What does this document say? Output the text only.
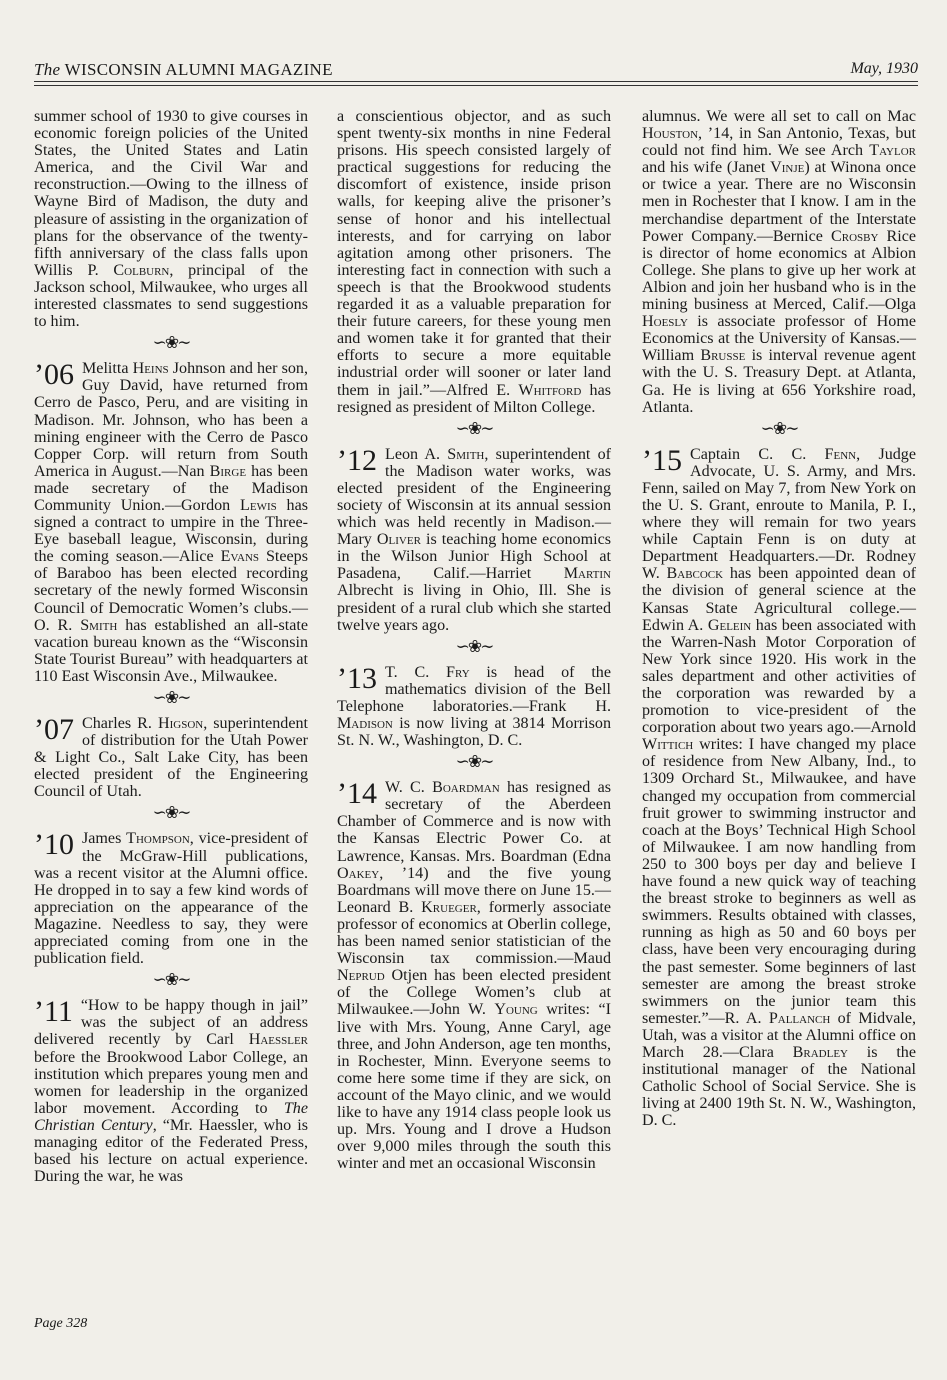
The WISCONSIN ALUMNI MAGAZINE	May, 1930

summer school of 1930 to give courses in economic foreign policies of the United States, the United States and Latin America, and the Civil War and reconstruction.—Owing to the illness of Wayne Bird of Madison, the duty and pleasure of assisting in the organization of plans for the observance of the twenty-fifth anniversary of the class falls upon Willis P. Colburn, principal of the Jackson school, Milwaukee, who urges all interested classmates to send suggestions to him.

∽❀∼

’06 Melitta Heins Johnson and her son, Guy David, have returned from Cerro de Pasco, Peru, and are visiting in Madison. Mr. Johnson, who has been a mining engineer with the Cerro de Pasco Copper Corp. will return from South America in August.—Nan Birge has been made secretary of the Madison Community Union.—Gordon Lewis has signed a contract to umpire in the Three-Eye baseball league, Wisconsin, during the coming season.—Alice Evans Steeps of Baraboo has been elected recording secretary of the newly formed Wisconsin Council of Democratic Women’s clubs.—O. R. Smith has established an all-state vacation bureau known as the “Wisconsin State Tourist Bureau” with headquarters at 110 East Wisconsin Ave., Milwaukee.

∽❀∼

’07 Charles R. Higson, superintendent of distribution for the Utah Power & Light Co., Salt Lake City, has been elected president of the Engineering Council of Utah.

∽❀∼

’10 James Thompson, vice-president of the McGraw-Hill publications, was a recent visitor at the Alumni office. He dropped in to say a few kind words of appreciation on the appearance of the Magazine. Needless to say, they were appreciated coming from one in the publication field.

∽❀∼

’11 “How to be happy though in jail” was the subject of an address delivered recently by Carl Haessler before the Brookwood Labor College, an institution which prepares young men and women for leadership in the organized labor movement. According to The Christian Century, “Mr. Haessler, who is managing editor of the Federated Press, based his lecture on actual experience. During the war, he was

a conscientious objector, and as such spent twenty-six months in nine Federal prisons. His speech consisted largely of practical suggestions for reducing the discomfort of existence, inside prison walls, for keeping alive the prisoner’s sense of honor and his intellectual interests, and for carrying on labor agitation among other prisoners. The interesting fact in connection with such a speech is that the Brookwood students regarded it as a valuable preparation for their future careers, for these young men and women take it for granted that their efforts to secure a more equitable industrial order will sooner or later land them in jail.”—Alfred E. Whitford has resigned as president of Milton College.

∽❀∼

’12 Leon A. Smith, superintendent of the Madison water works, was elected president of the Engineering society of Wisconsin at its annual session which was held recently in Madison.—Mary Oliver is teaching home economics in the Wilson Junior High School at Pasadena, Calif.—Harriet Martin Albrecht is living in Ohio, Ill. She is president of a rural club which she started twelve years ago.

∽❀∼

’13 T. C. Fry is head of the mathematics division of the Bell Telephone laboratories.—Frank H. Madison is now living at 3814 Morrison St. N. W., Washington, D. C.

∽❀∼

’14 W. C. Boardman has resigned as secretary of the Aberdeen Chamber of Commerce and is now with the Kansas Electric Power Co. at Lawrence, Kansas. Mrs. Boardman (Edna Oakey, ’14) and the five young Boardmans will move there on June 15.—Leonard B. Krueger, formerly associate professor of economics at Oberlin college, has been named senior statistician of the Wisconsin tax commission.—Maud Neprud Otjen has been elected president of the College Women’s club at Milwaukee.—John W. Young writes: “I live with Mrs. Young, Anne Caryl, age three, and John Anderson, age ten months, in Rochester, Minn. Everyone seems to come here some time if they are sick, on account of the Mayo clinic, and we would like to have any 1914 class people look us up. Mrs. Young and I drove a Hudson over 9,000 miles through the south this winter and met an occasional Wisconsin

alumnus. We were all set to call on Mac Houston, ’14, in San Antonio, Texas, but could not find him. We see Arch Taylor and his wife (Janet Vinje) at Winona once or twice a year. There are no Wisconsin men in Rochester that I know. I am in the merchandise department of the Interstate Power Company.—Bernice Crosby Rice is director of home economics at Albion College. She plans to give up her work at Albion and join her husband who is in the mining business at Merced, Calif.—Olga Hoesly is associate professor of Home Economics at the University of Kansas.—William Brusse is interval revenue agent with the U. S. Treasury Dept. at Atlanta, Ga. He is living at 656 Yorkshire road, Atlanta.

∽❀∼

’15 Captain C. C. Fenn, Judge Advocate, U. S. Army, and Mrs. Fenn, sailed on May 7, from New York on the U. S. Grant, enroute to Manila, P. I., where they will remain for two years while Captain Fenn is on duty at Department Headquarters.—Dr. Rodney W. Babcock has been appointed dean of the division of general science at the Kansas State Agricultural college.—Edwin A. Gelein has been associated with the Warren-Nash Motor Corporation of New York since 1920. His work in the sales department and other activities of the corporation was rewarded by a promotion to vice-president of the corporation about two years ago.—Arnold Wittich writes: I have changed my place of residence from New Albany, Ind., to 1309 Orchard St., Milwaukee, and have changed my occupation from commercial fruit grower to swimming instructor and coach at the Boys’ Technical High School of Milwaukee. I am now handling from 250 to 300 boys per day and believe I have found a new quick way of teaching the breast stroke to beginners as well as swimmers. Results obtained with classes, running as high as 50 and 60 boys per class, have been very encouraging during the past semester. Some beginners of last semester are among the breast stroke swimmers on the junior team this semester.”—R. A. Pallanch of Midvale, Utah, was a visitor at the Alumni office on March 28.—Clara Bradley is the institutional manager of the National Catholic School of Social Service. She is living at 2400 19th St. N. W., Washington, D. C.

Page 328
